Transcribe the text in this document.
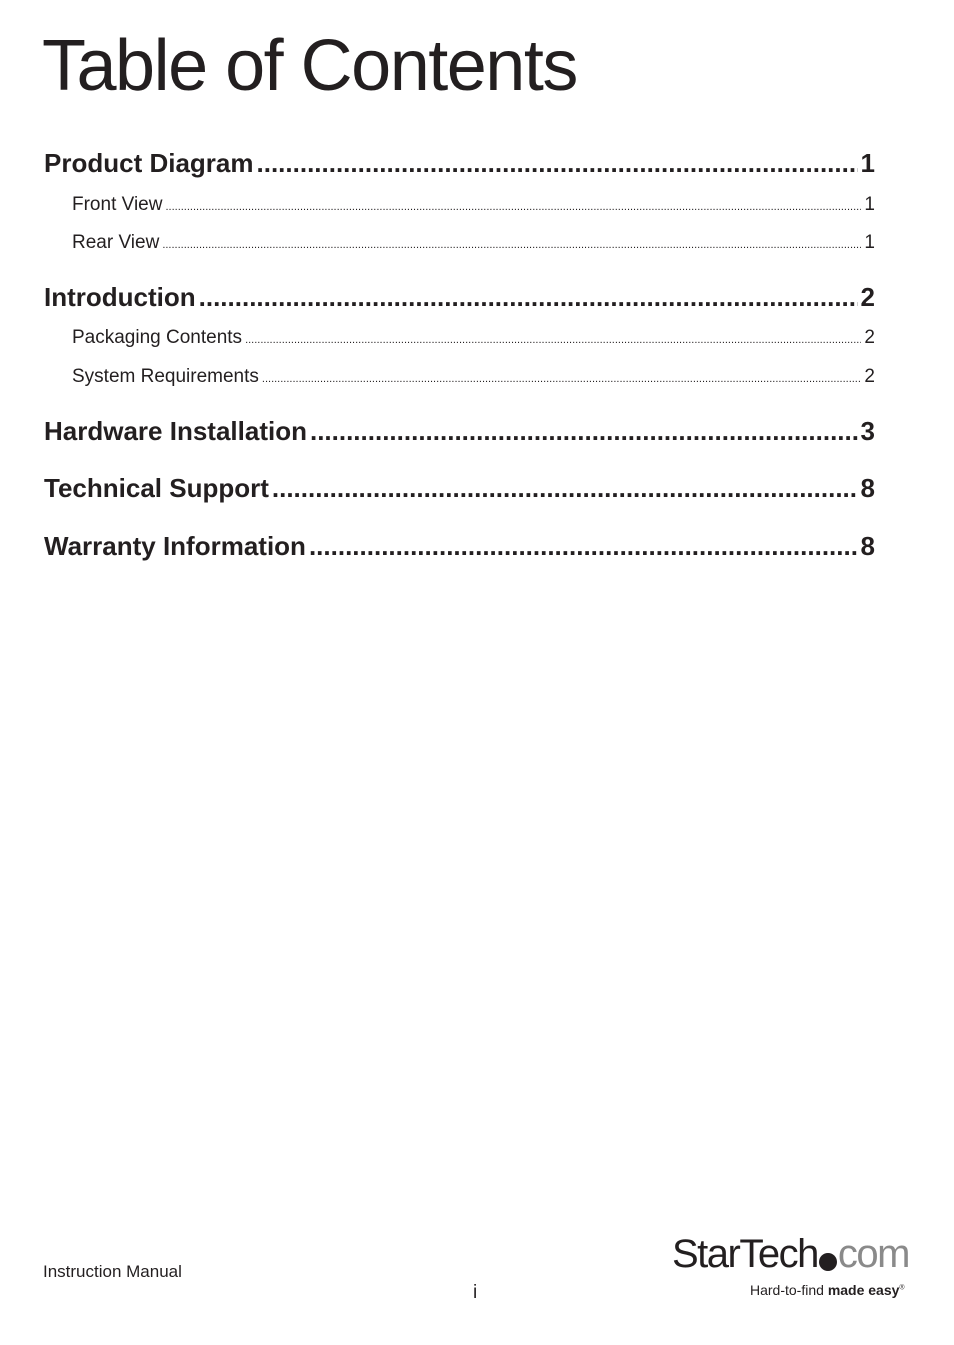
Table of Contents
Product Diagram .....	1
Front View .....	1
Rear View .....	1
Introduction .....	2
Packaging Contents .....	2
System Requirements .....	2
Hardware Installation .....	3
Technical Support .....	8
Warranty Information .....	8
Instruction Manual
i
StarTech com
Hard-to-find made easy®
